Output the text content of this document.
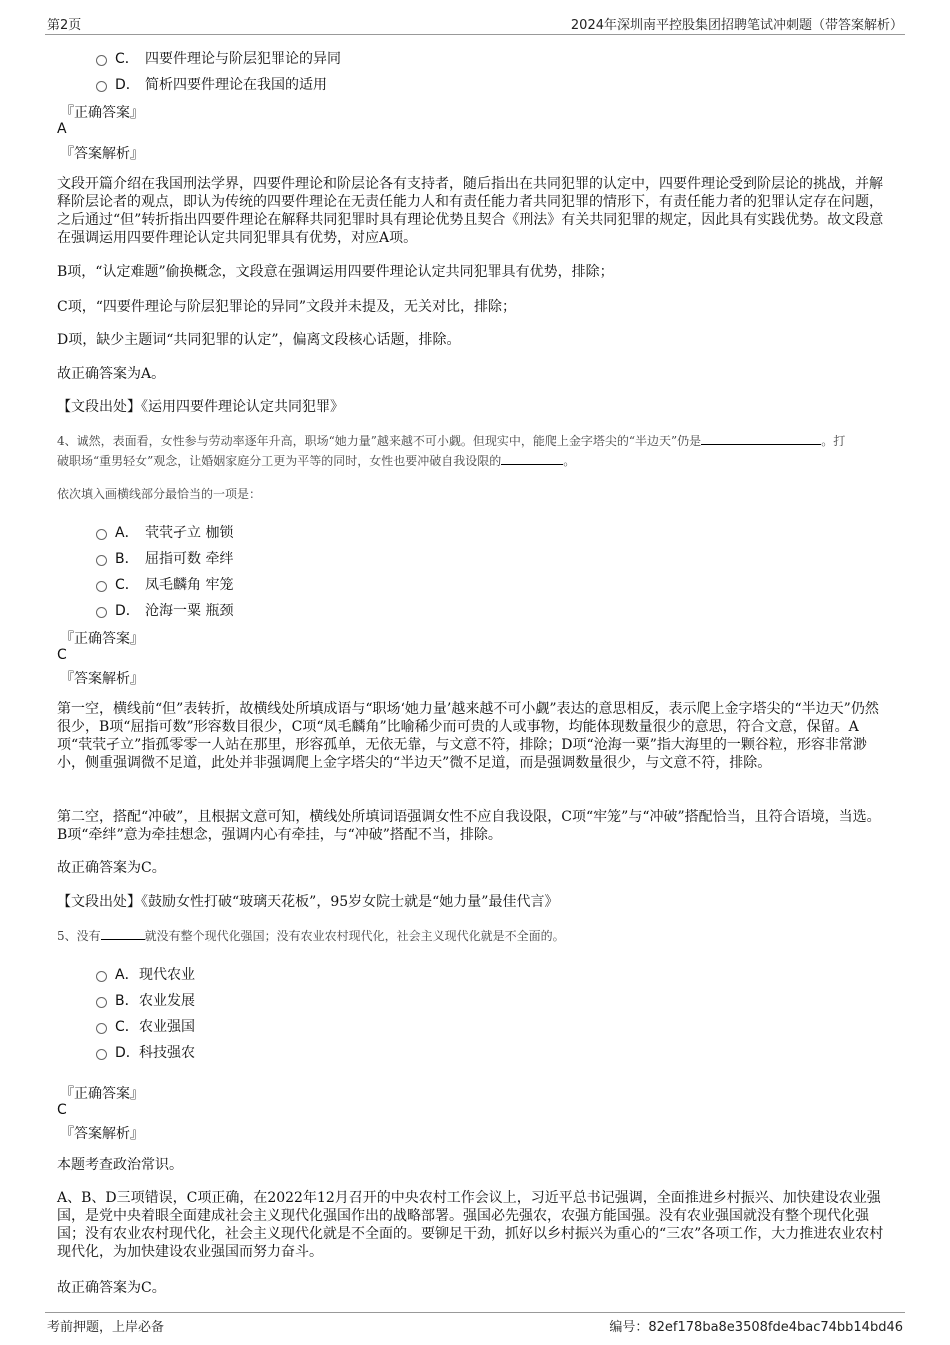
第2页	2024年深圳南平控股集团招聘笔试冲刺题（带答案解析）
C． 四要件理论与阶层犯罪论的异同
D． 简析四要件理论在我国的适用
『正确答案』
A
『答案解析』
文段开篇介绍在我国刑法学界，四要件理论和阶层论各有支持者，随后指出在共同犯罪的认定中，四要件理论受到阶层论的挑战，并解释阶层论者的观点，即认为传统的四要件理论在无责任能力人和有责任能力者共同犯罪的情形下，有责任能力者的犯罪认定存在问题，之后通过“但”转折指出四要件理论在解释共同犯罪时具有理论优势且契合《刑法》有关共同犯罪的规定，因此具有实践优势。故文段意在强调运用四要件理论认定共同犯罪具有优势，对应A项。
B项，“认定难题”偷换概念，文段意在强调运用四要件理论认定共同犯罪具有优势，排除；
C项，“四要件理论与阶层犯罪论的异同”文段并未提及，无关对比，排除；
D项，缺少主题词“共同犯罪的认定”，偏离文段核心话题，排除。
故正确答案为A。
【文段出处】《运用四要件理论认定共同犯罪》
4、诚然，表面看，女性参与劳动率逐年升高，职场“她力量”越来越不可小觑。但现实中，能爬上金字塔尖的“半边天”仍是	。打
破职场“重男轻女”观念，让婚姻家庭分工更为平等的同时，女性也要冲破自我设限的	。
依次填入画横线部分最恰当的一项是：
A． 茕茕孑立 枷锁
B． 屈指可数 牵绊
C． 凤毛麟角 牢笼
D． 沧海一粟 瓶颈
『正确答案』
C
『答案解析』
第一空，横线前“但”表转折，故横线处所填成语与“职场‘她力量’越来越不可小觑”表达的意思相反，表示爬上金字塔尖的“半边天”仍然很少，B项“屈指可数”形容数目很少，C项“凤毛麟角”比喻稀少而可贵的人或事物，均能体现数量很少的意思，符合文意，保留。A项“茕茕孑立”指孤零零一人站在那里，形容孤单，无依无靠，与文意不符，排除；D项“沧海一粟”指大海里的一颗谷粒，形容非常渺小，侧重强调微不足道，此处并非强调爬上金字塔尖的“半边天”微不足道，而是强调数量很少，与文意不符，排除。
第二空，搭配“冲破”，且根据文意可知，横线处所填词语强调女性不应自我设限，C项“牢笼”与“冲破”搭配恰当，且符合语境，当选。B项“牵绊”意为牵挂想念，强调内心有牵挂，与“冲破”搭配不当，排除。
故正确答案为C。
【文段出处】《鼓励女性打破“玻璃天花板”，95岁女院士就是“她力量”最佳代言》
5、没有	就没有整个现代化强国；没有农业农村现代化，社会主义现代化就是不全面的。
A． 现代农业
B． 农业发展
C． 农业强国
D． 科技强农
『正确答案』
C
『答案解析』
本题考查政治常识。
A、B、D三项错误，C项正确，在2022年12月召开的中央农村工作会议上，习近平总书记强调，全面推进乡村振兴、加快建设农业强国，是党中央着眼全面建成社会主义现代化强国作出的战略部署。强国必先强农，农强方能国强。没有农业强国就没有整个现代化强国；没有农业农村现代化，社会主义现代化就是不全面的。要铆足干劲，抓好以乡村振兴为重心的“三农”各项工作，大力推进农业农村现代化，为加快建设农业强国而努力奋斗。
故正确答案为C。
考前押题，上岸必备	编号：82ef178ba8e3508fde4bac74bb14bd46
